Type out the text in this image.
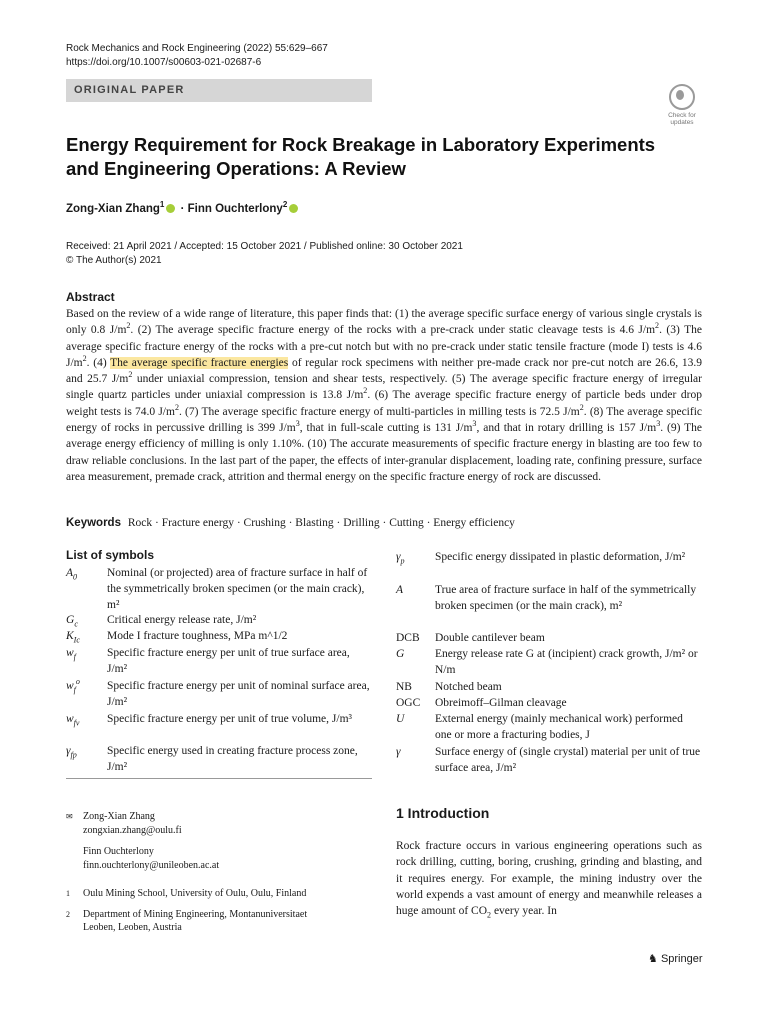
Rock Mechanics and Rock Engineering (2022) 55:629–667
https://doi.org/10.1007/s00603-021-02687-6
ORIGINAL PAPER
Check for
updates
Energy Requirement for Rock Breakage in Laboratory Experiments
and Engineering Operations: A Review
Zong‑Xian Zhang$^1$ · Finn Ouchterlony$^2$
Received: 21 April 2021 / Accepted: 15 October 2021 / Published online: 30 October 2021
© The Author(s) 2021
Abstract
Based on the review of a wide range of literature, this paper finds that: (1) the average specific surface energy of various single crystals is only 0.8 $J/m^2$. (2) The average specific fracture energy of the rocks with a pre-crack under static cleavage tests is 4.6 $J/m^2$. (3) The average specific fracture energy of the rocks with a pre-cut notch but with no pre-crack under static tensile fracture (mode I) tests is 4.6 $J/m^2$. (4) The average specific fracture energies of regular rock specimens with neither pre-made crack nor pre-cut notch are 26.6, 13.9 and 25.7 $J/m^2$ under uniaxial compression, tension and shear tests, respectively. (5) The average specific fracture energy of irregular single quartz particles under uniaxial compression is 13.8 $J/m^2$. (6) The average specific fracture energy of particle beds under drop weight tests is 74.0 $J/m^2$. (7) The average specific fracture energy of multi-particles in milling tests is 72.5 $J/m^2$. (8) The average specific energy of rocks in percussive drilling is 399 $J/m^3$, that in full-scale cutting is 131 $J/m^3$, and that in rotary drilling is 157 $J/m^3$. (9) The average energy efficiency of milling is only 1.10%. (10) The accurate measurements of specific fracture energy in blasting are too few to draw reliable conclusions. In the last part of the paper, the effects of inter-granular displacement, loading rate, confining pressure, surface area measurement, premade crack, attrition and thermal energy on the specific fracture energy of rock are discussed.
Keywords Rock · Fracture energy · Crushing · Blasting · Drilling · Cutting · Energy efficiency
List of symbols
$A_0$	Nominal (or projected) area of fracture surface in half of the symmetrically broken specimen (or the main crack), m²
$G_c$	Critical energy release rate, J/m²
$K_{Ic}$ Mode I fracture toughness, MPa m^1/2
$w_f$	Specific fracture energy per unit of true surface area, J/m²
$w_f^o$ Specific fracture energy per unit of nominal surface area, J/m²
$w_{fv}$ Specific fracture energy per unit of true volume, J/m³
$\gamma_{fp}$	Specific energy used in creating fracture process zone, J/m²
$\gamma_p$	Specific energy dissipated in plastic deformation, J/m²
A	True area of fracture surface in half of the symmetrically broken specimen (or the main crack), m²
DCB Double cantilever beam
G	Energy release rate G at (incipient) crack growth, J/m² or N/m
NB Notched beam
OGC Obreimoff–Gilman cleavage
U	External energy (mainly mechanical work) performed one or more a fracturing bodies, J
γ	Surface energy of (single crystal) material per unit of true surface area, J/m²
✉ Zong-Xian Zhang
zongxian.zhang@oulu.fi
Finn Ouchterlony
finn.ouchterlony@unileoben.ac.at
1 Oulu Mining School, University of Oulu, Oulu, Finland
2 Department of Mining Engineering, Montanuniversitaet
Leoben, Leoben, Austria
1 Introduction
Rock fracture occurs in various engineering operations such as rock drilling, cutting, boring, crushing, grinding and blasting, and it requires energy. For example, the mining industry over the world expends a vast amount of energy and meanwhile releases a huge amount of $CO_2$ every year. In
♞ Springer
